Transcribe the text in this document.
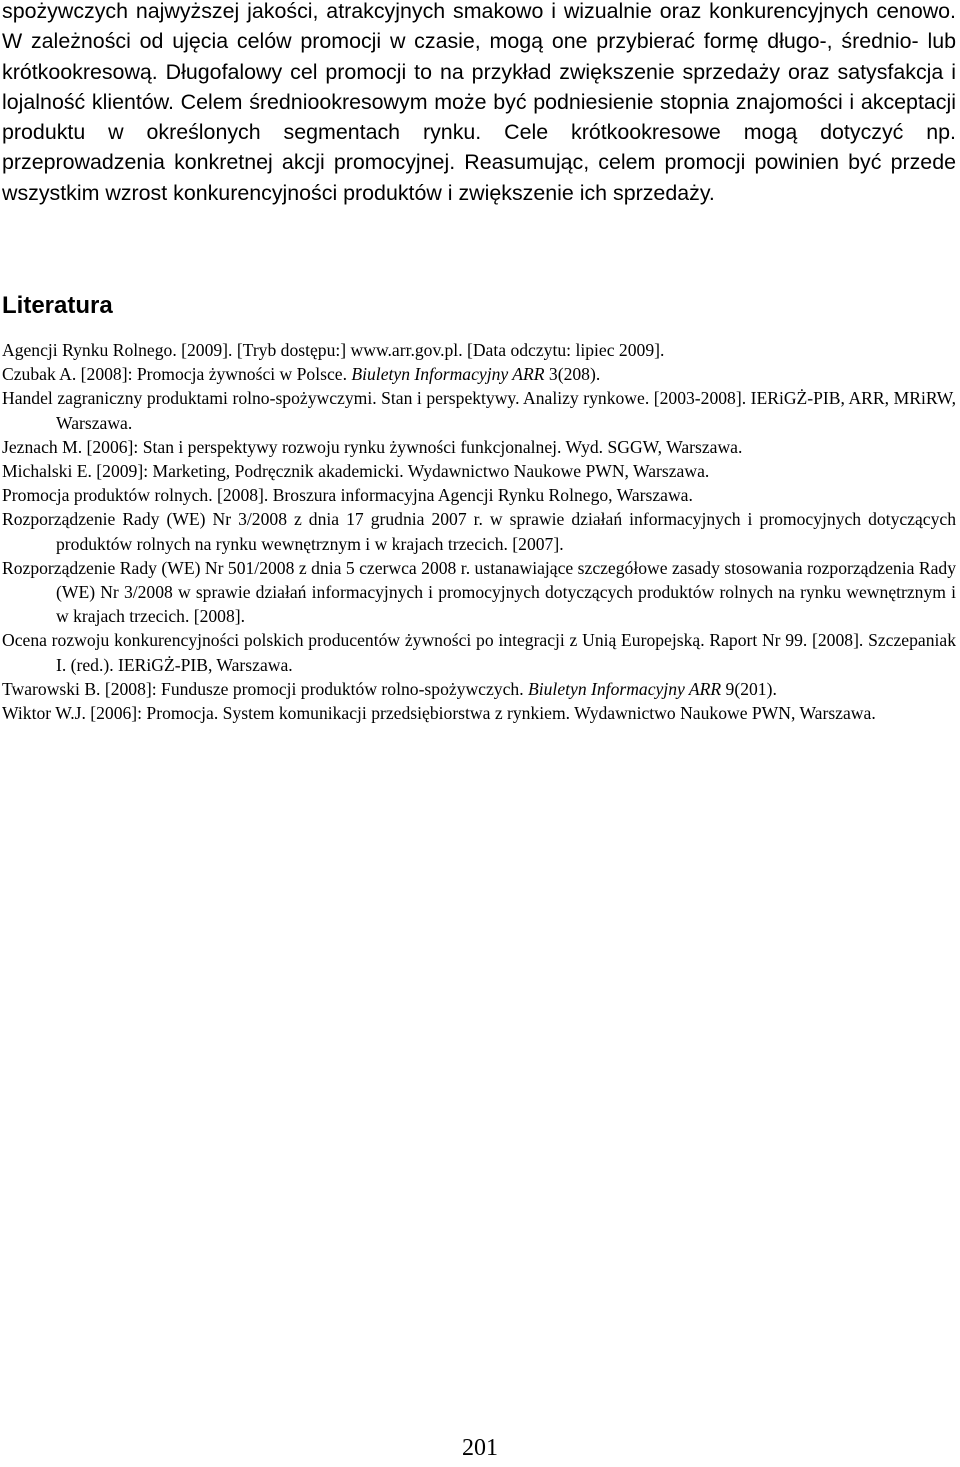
spożywczych najwyższej jakości, atrakcyjnych smakowo i wizualnie oraz konkurencyjnych cenowo. W zależności od ujęcia celów promocji w czasie, mogą one przybierać formę długo-, średnio- lub krótkookresową. Długofalowy cel promocji to na przykład zwiększenie sprzedaży oraz satysfakcja i lojalność klientów. Celem średniookresowym może być podniesienie stopnia znajomości i akceptacji produktu w określonych segmentach rynku. Cele krótkookresowe mogą dotyczyć np. przeprowadzenia konkretnej akcji promocyjnej. Reasumując, celem promocji powinien być przede wszystkim wzrost konkurencyjności produktów i zwiększenie ich sprzedaży.

Literatura
Agencji Rynku Rolnego. [2009]. [Tryb dostępu:] www.arr.gov.pl. [Data odczytu: lipiec 2009].
Czubak A. [2008]: Promocja żywności w Polsce. Biuletyn Informacyjny ARR 3(208).
Handel zagraniczny produktami rolno-spożywczymi. Stan i perspektywy. Analizy rynkowe. [2003-2008]. IERiGŻ-PIB, ARR, MRiRW, Warszawa.
Jeznach M. [2006]: Stan i perspektywy rozwoju rynku żywności funkcjonalnej. Wyd. SGGW, Warszawa.
Michalski E. [2009]: Marketing, Podręcznik akademicki. Wydawnictwo Naukowe PWN, Warszawa.
Promocja produktów rolnych. [2008]. Broszura informacyjna Agencji Rynku Rolnego, Warszawa.
Rozporządzenie Rady (WE) Nr 3/2008 z dnia 17 grudnia 2007 r. w sprawie działań informacyjnych i promocyjnych dotyczących produktów rolnych na rynku wewnętrznym i w krajach trzecich. [2007].
Rozporządzenie Rady (WE) Nr 501/2008 z dnia 5 czerwca 2008 r. ustanawiające szczegółowe zasady stosowania rozporządzenia Rady (WE) Nr 3/2008 w sprawie działań informacyjnych i promocyjnych dotyczących produktów rolnych na rynku wewnętrznym i w krajach trzecich. [2008].
Ocena rozwoju konkurencyjności polskich producentów żywności po integracji z Unią Europejską. Raport Nr 99. [2008]. Szczepaniak I. (red.). IERiGŻ-PIB, Warszawa.
Twarowski B. [2008]: Fundusze promocji produktów rolno-spożywczych. Biuletyn Informacyjny ARR 9(201).
Wiktor W.J. [2006]: Promocja. System komunikacji przedsiębiorstwa z rynkiem. Wydawnictwo Naukowe PWN, Warszawa.
201
